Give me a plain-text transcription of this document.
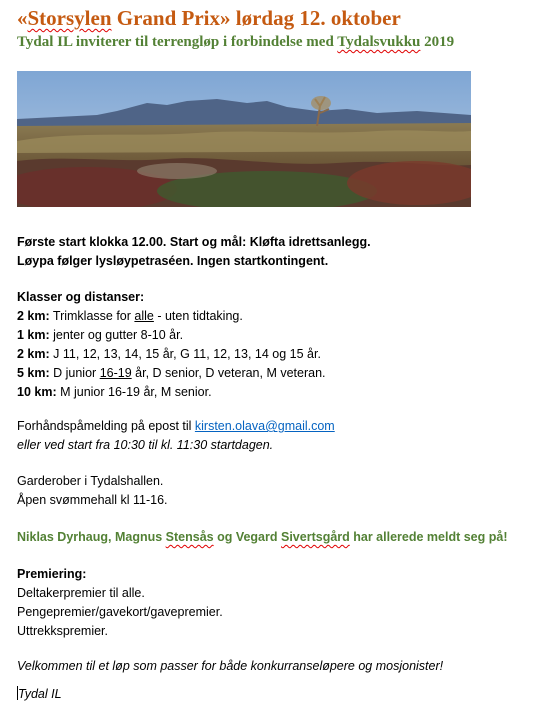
«Storsylen Grand Prix» lørdag 12. oktober
Tydal IL inviterer til terrengløp i forbindelse med Tydalsvukku 2019
Første start klokka 12.00. Start og mål: Kløfta idrettsanlegg.
Løypa følger lysløypetraséen. Ingen startkontingent.
Klasser og distanser:
2 km: Trimklasse for alle - uten tidtaking.
1 km: jenter og gutter 8-10 år.
2 km: J 11, 12, 13, 14, 15 år, G 11, 12, 13, 14 og 15 år.
5 km: D junior 16-19 år, D senior, D veteran, M veteran.
10 km: M junior 16-19 år, M senior.
Forhåndspåmelding på epost til kirsten.olava@gmail.com
eller ved start fra 10:30 til kl. 11:30 startdagen.
Garderober i Tydalshallen.
Åpen svømmehall kl 11-16.
Niklas Dyrhaug, Magnus Stensås og Vegard Sivertsgård har allerede meldt seg på!
Premiering:
Deltakerpremier til alle.
Pengepremier/gavekort/gavepremier.
Uttrekkspremier.
Velkommen til et løp som passer for både konkurranseløpere og mosjonister!
Tydal IL
